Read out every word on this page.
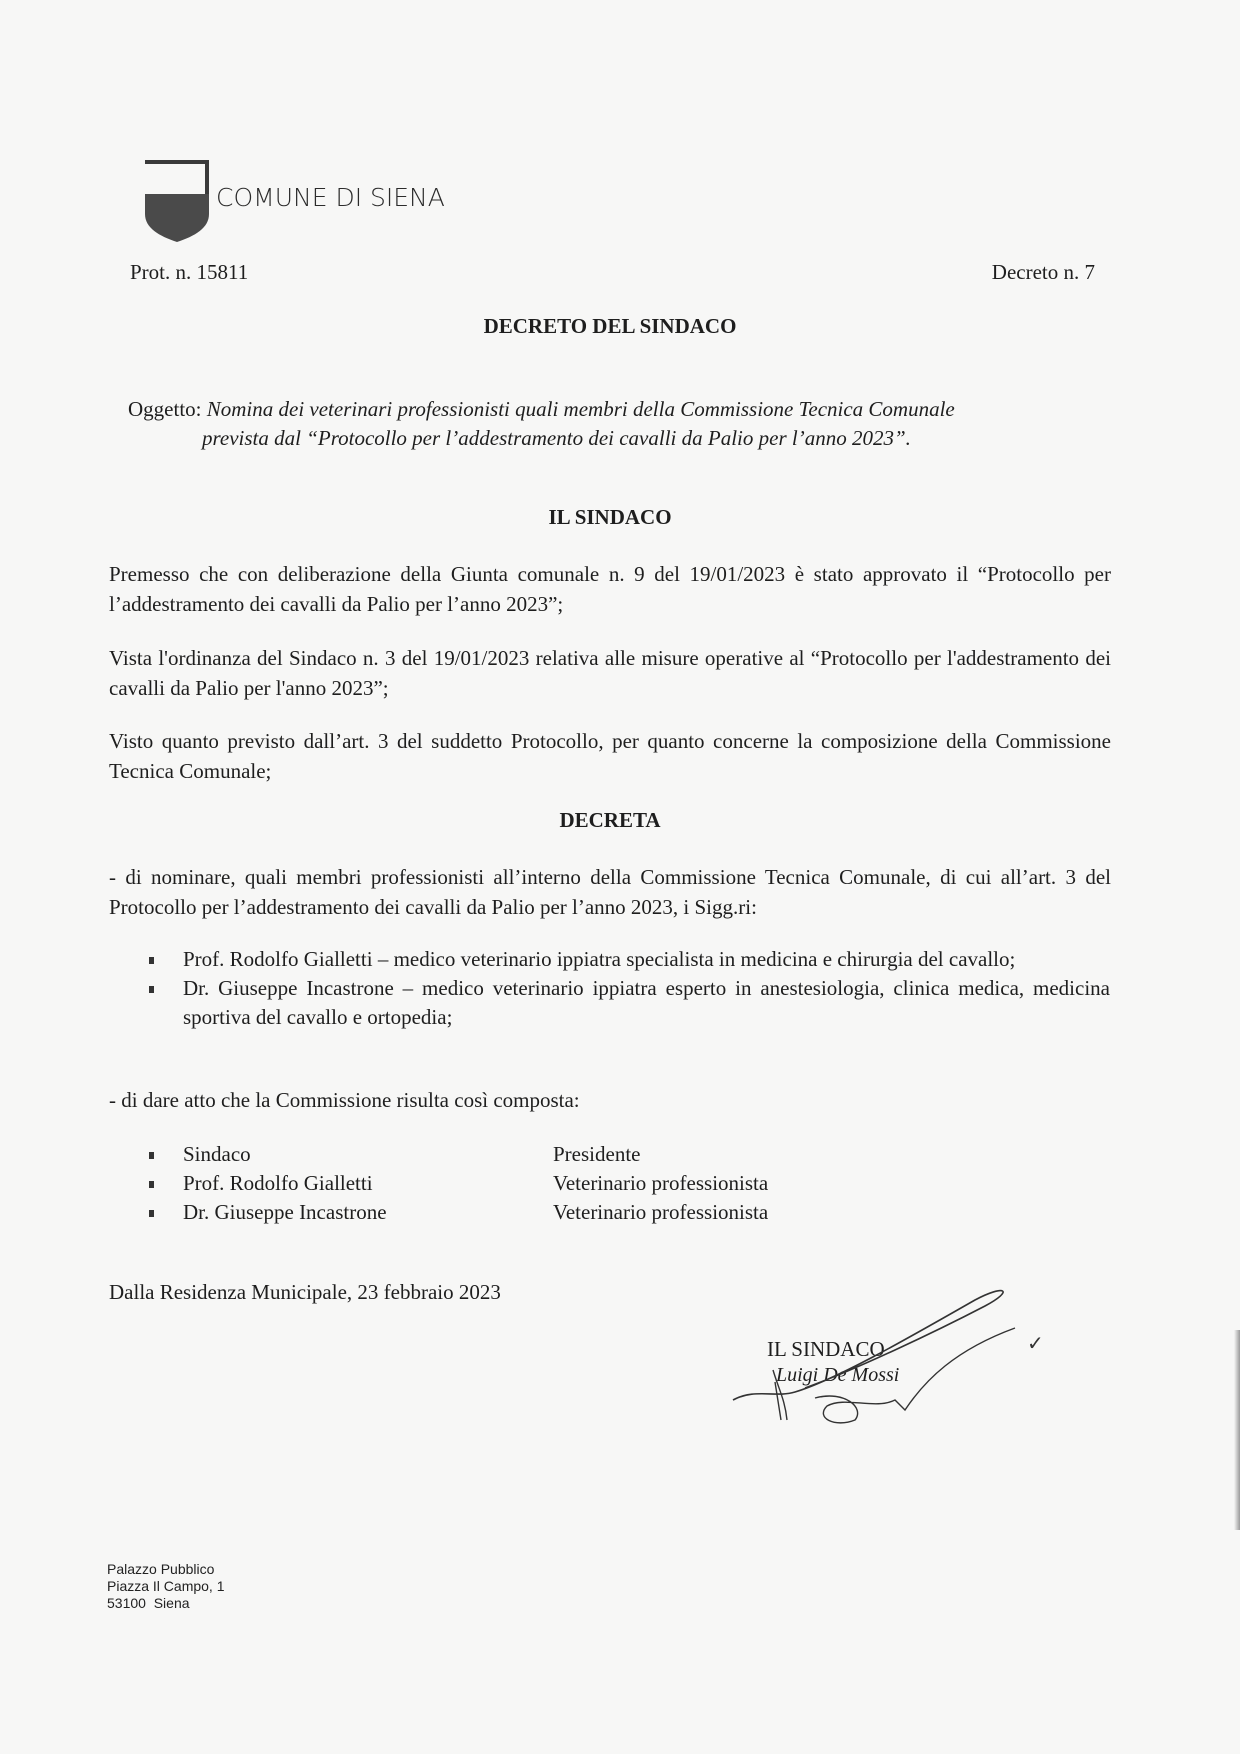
COMUNE DI SIENA
Prot. n. 15811	Decreto n. 7
DECRETO DEL SINDACO
Oggetto: Nomina dei veterinari professionisti quali membri della Commissione Tecnica Comunale
prevista dal “Protocollo per l’addestramento dei cavalli da Palio per l’anno 2023”.
IL SINDACO
Premesso che con deliberazione della Giunta comunale n. 9 del 19/01/2023 è stato approvato il “Protocollo per l’addestramento dei cavalli da Palio per l’anno 2023”;
Vista l'ordinanza del Sindaco n. 3 del 19/01/2023 relativa alle misure operative al “Protocollo per l'addestramento dei cavalli da Palio per l'anno 2023”;
Visto quanto previsto dall’art. 3 del suddetto Protocollo, per quanto concerne la composizione della Commissione Tecnica Comunale;
DECRETA
- di nominare, quali membri professionisti all’interno della Commissione Tecnica Comunale, di cui all’art. 3 del Protocollo per l’addestramento dei cavalli da Palio per l’anno 2023, i Sigg.ri:
Prof. Rodolfo Gialletti – medico veterinario ippiatra specialista in medicina e chirurgia del cavallo;
Dr. Giuseppe Incastrone – medico veterinario ippiatra esperto in anestesiologia, clinica medica, medicina sportiva del cavallo e ortopedia;
- di dare atto che la Commissione risulta così composta:
Sindaco	Presidente
Prof. Rodolfo Gialletti	Veterinario professionista
Dr. Giuseppe Incastrone	Veterinario professionista
Dalla Residenza Municipale, 23 febbraio 2023
IL SINDACO
Luigi De Mossi
✓
Palazzo Pubblico
Piazza Il Campo, 1
53100  Siena
